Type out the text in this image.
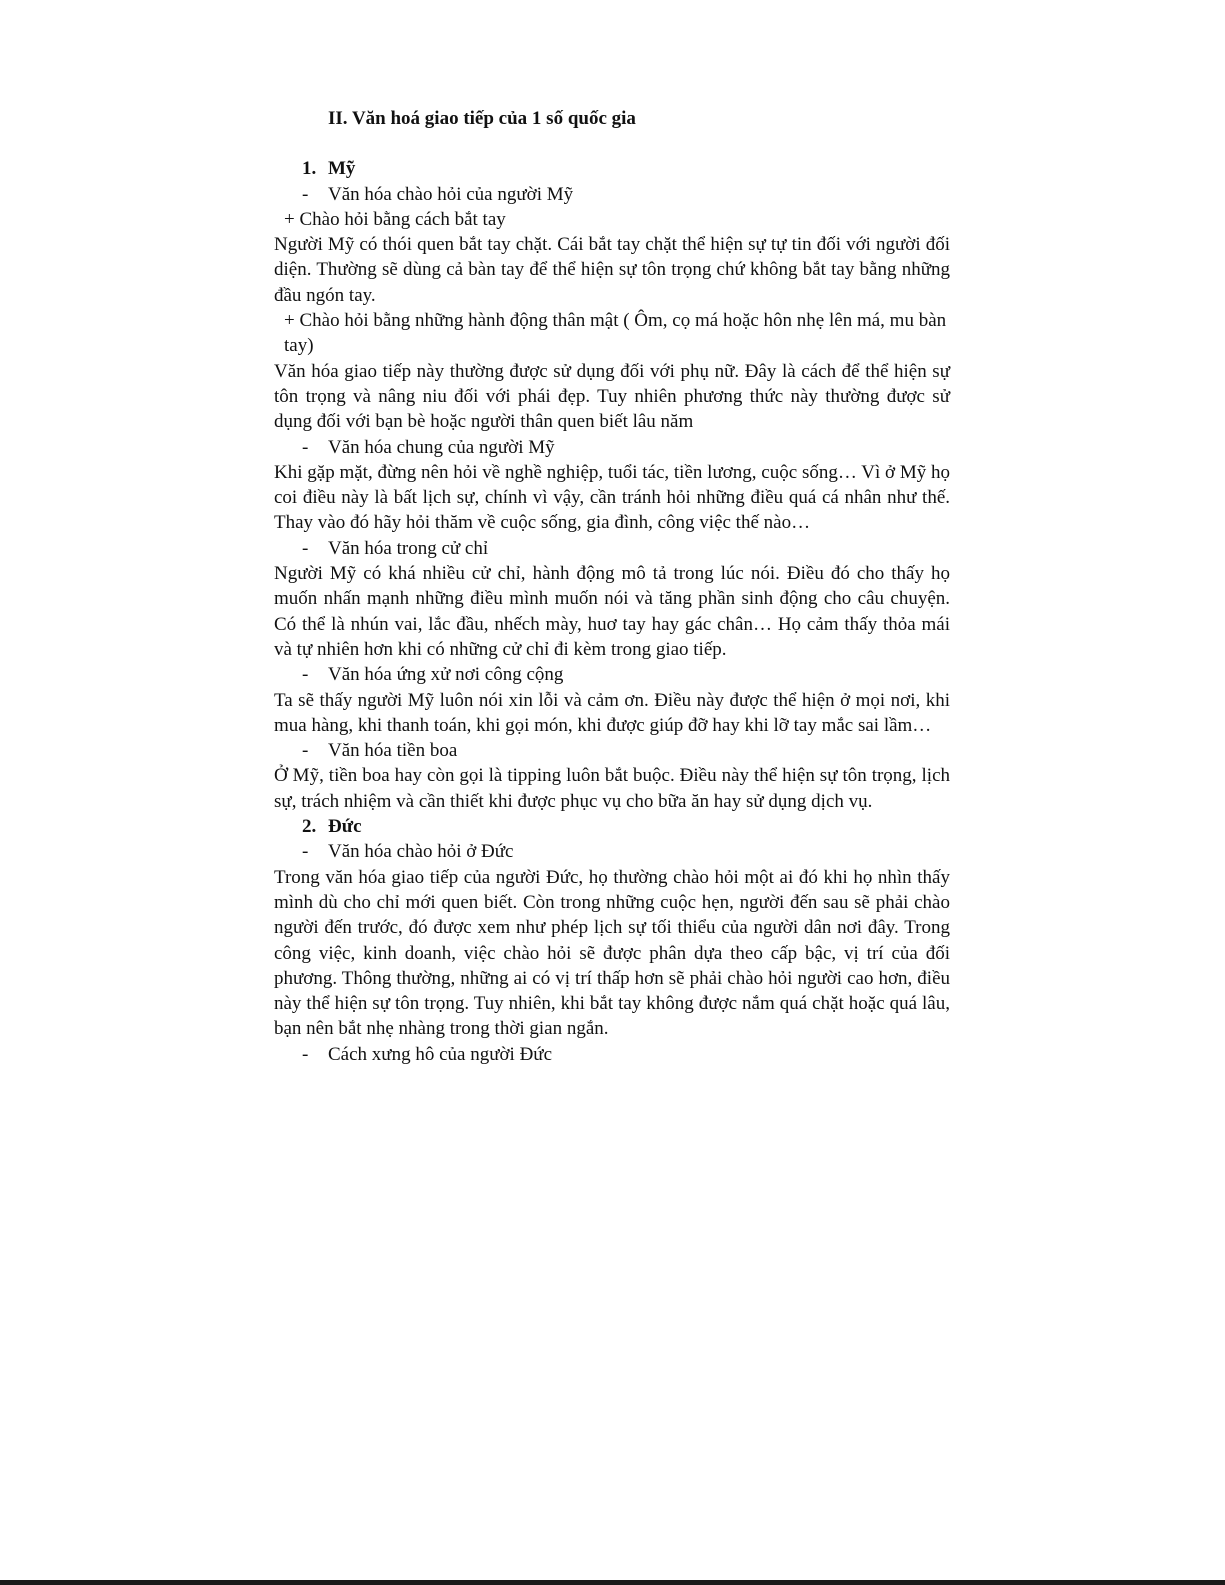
II. Văn hoá giao tiếp của 1 số quốc gia
1. Mỹ
- Văn hóa chào hỏi của người Mỹ
+ Chào hỏi bằng cách bắt tay
Người Mỹ có thói quen bắt tay chặt. Cái bắt tay chặt thể hiện sự tự tin đối với người đối diện. Thường sẽ dùng cả bàn tay để thể hiện sự tôn trọng chứ không bắt tay bằng những đầu ngón tay.
+ Chào hỏi bằng những hành động thân mật ( Ôm, cọ má hoặc hôn nhẹ lên má, mu bàn tay)
Văn hóa giao tiếp này thường được sử dụng đối với phụ nữ. Đây là cách để thể hiện sự tôn trọng và nâng niu đối với phái đẹp. Tuy nhiên phương thức này thường được sử dụng đối với bạn bè hoặc người thân quen biết lâu năm
- Văn hóa chung của người Mỹ
Khi gặp mặt, đừng nên hỏi về nghề nghiệp, tuổi tác, tiền lương, cuộc sống… Vì ở Mỹ họ coi điều này là bất lịch sự, chính vì vậy, cần tránh hỏi những điều quá cá nhân như thế. Thay vào đó hãy hỏi thăm về cuộc sống, gia đình, công việc thế nào…
- Văn hóa trong cử chỉ
Người Mỹ có khá nhiều cử chỉ, hành động mô tả trong lúc nói. Điều đó cho thấy họ muốn nhấn mạnh những điều mình muốn nói và tăng phần sinh động cho câu chuyện. Có thể là nhún vai, lắc đầu, nhếch mày, huơ tay hay gác chân… Họ cảm thấy thỏa mái và tự nhiên hơn khi có những cử chỉ đi kèm trong giao tiếp.
- Văn hóa ứng xử nơi công cộng
Ta sẽ thấy người Mỹ luôn nói xin lỗi và cảm ơn. Điều này được thể hiện ở mọi nơi, khi mua hàng, khi thanh toán, khi gọi món, khi được giúp đỡ hay khi lỡ tay mắc sai lầm…
- Văn hóa tiền boa
Ở Mỹ, tiền boa hay còn gọi là tipping luôn bắt buộc. Điều này thể hiện sự tôn trọng, lịch sự, trách nhiệm và cần thiết khi được phục vụ cho bữa ăn hay sử dụng dịch vụ.
2. Đức
- Văn hóa chào hỏi ở Đức
Trong văn hóa giao tiếp của người Đức, họ thường chào hỏi một ai đó khi họ nhìn thấy mình dù cho chỉ mới quen biết. Còn trong những cuộc hẹn, người đến sau sẽ phải chào người đến trước, đó được xem như phép lịch sự tối thiểu của người dân nơi đây. Trong công việc, kinh doanh, việc chào hỏi sẽ được phân dựa theo cấp bậc, vị trí của đối phương. Thông thường, những ai có vị trí thấp hơn sẽ phải chào hỏi người cao hơn, điều này thể hiện sự tôn trọng. Tuy nhiên, khi bắt tay không được nắm quá chặt hoặc quá lâu, bạn nên bắt nhẹ nhàng trong thời gian ngắn.
- Cách xưng hô của người Đức
